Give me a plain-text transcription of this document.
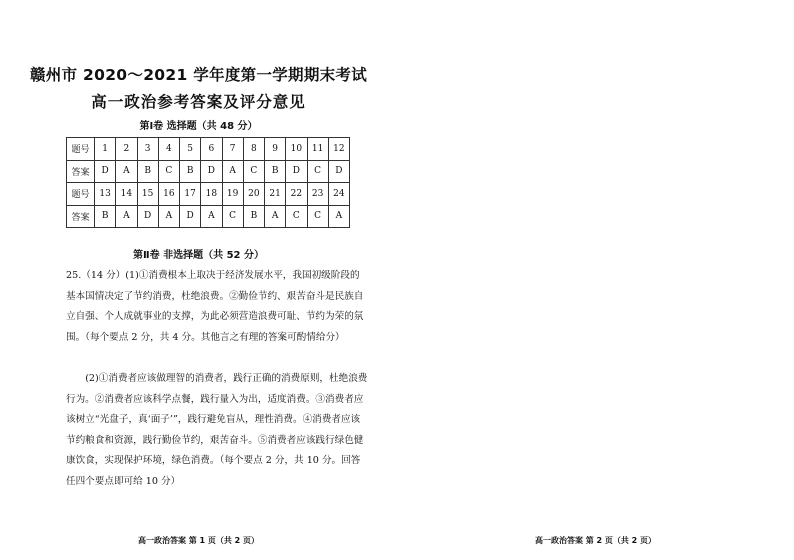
赣州市 2020～2021 学年度第一学期期末考试
高一政治参考答案及评分意见
第Ⅰ卷 选择题（共 48 分）
题号	1	2	3	4	5	6	7	8	9	10	11	12
答案	D	A	B	C	B	D	A	C	B	D	C	D
题号	13	14	15	16	17	18	19	20	21	22	23	24
答案	B	A	D	A	D	A	C	B	A	C	C	A
第Ⅱ卷 非选择题（共 52 分）

25.（14 分）(1)①消费根本上取决于经济发展水平，我国初级阶段的基本国情决定了节约消费，杜绝浪费。②勤俭节约、艰苦奋斗是民族自立自强、个人成就事业的支撑，为此必须营造浪费可耻、节约为荣的氛围。（每个要点 2 分，共 4 分。其他言之有理的答案可酌情给分）

(2)①消费者应该做理智的消费者，践行正确的消费原则，杜绝浪费行为。②消费者应该科学点餐，践行量入为出，适度消费。③消费者应该树立“光盘子，真‘面子’”，践行避免盲从，理性消费。④消费者应该节约粮食和资源，践行勤俭节约，艰苦奋斗。⑤消费者应该践行绿色健康饮食，实现保护环境，绿色消费。（每个要点 2 分，共 10 分。回答任四个要点即可给 10 分）

高一政治答案 第 1 页（共 2 页）	高一政治答案 第 2 页（共 2 页）
